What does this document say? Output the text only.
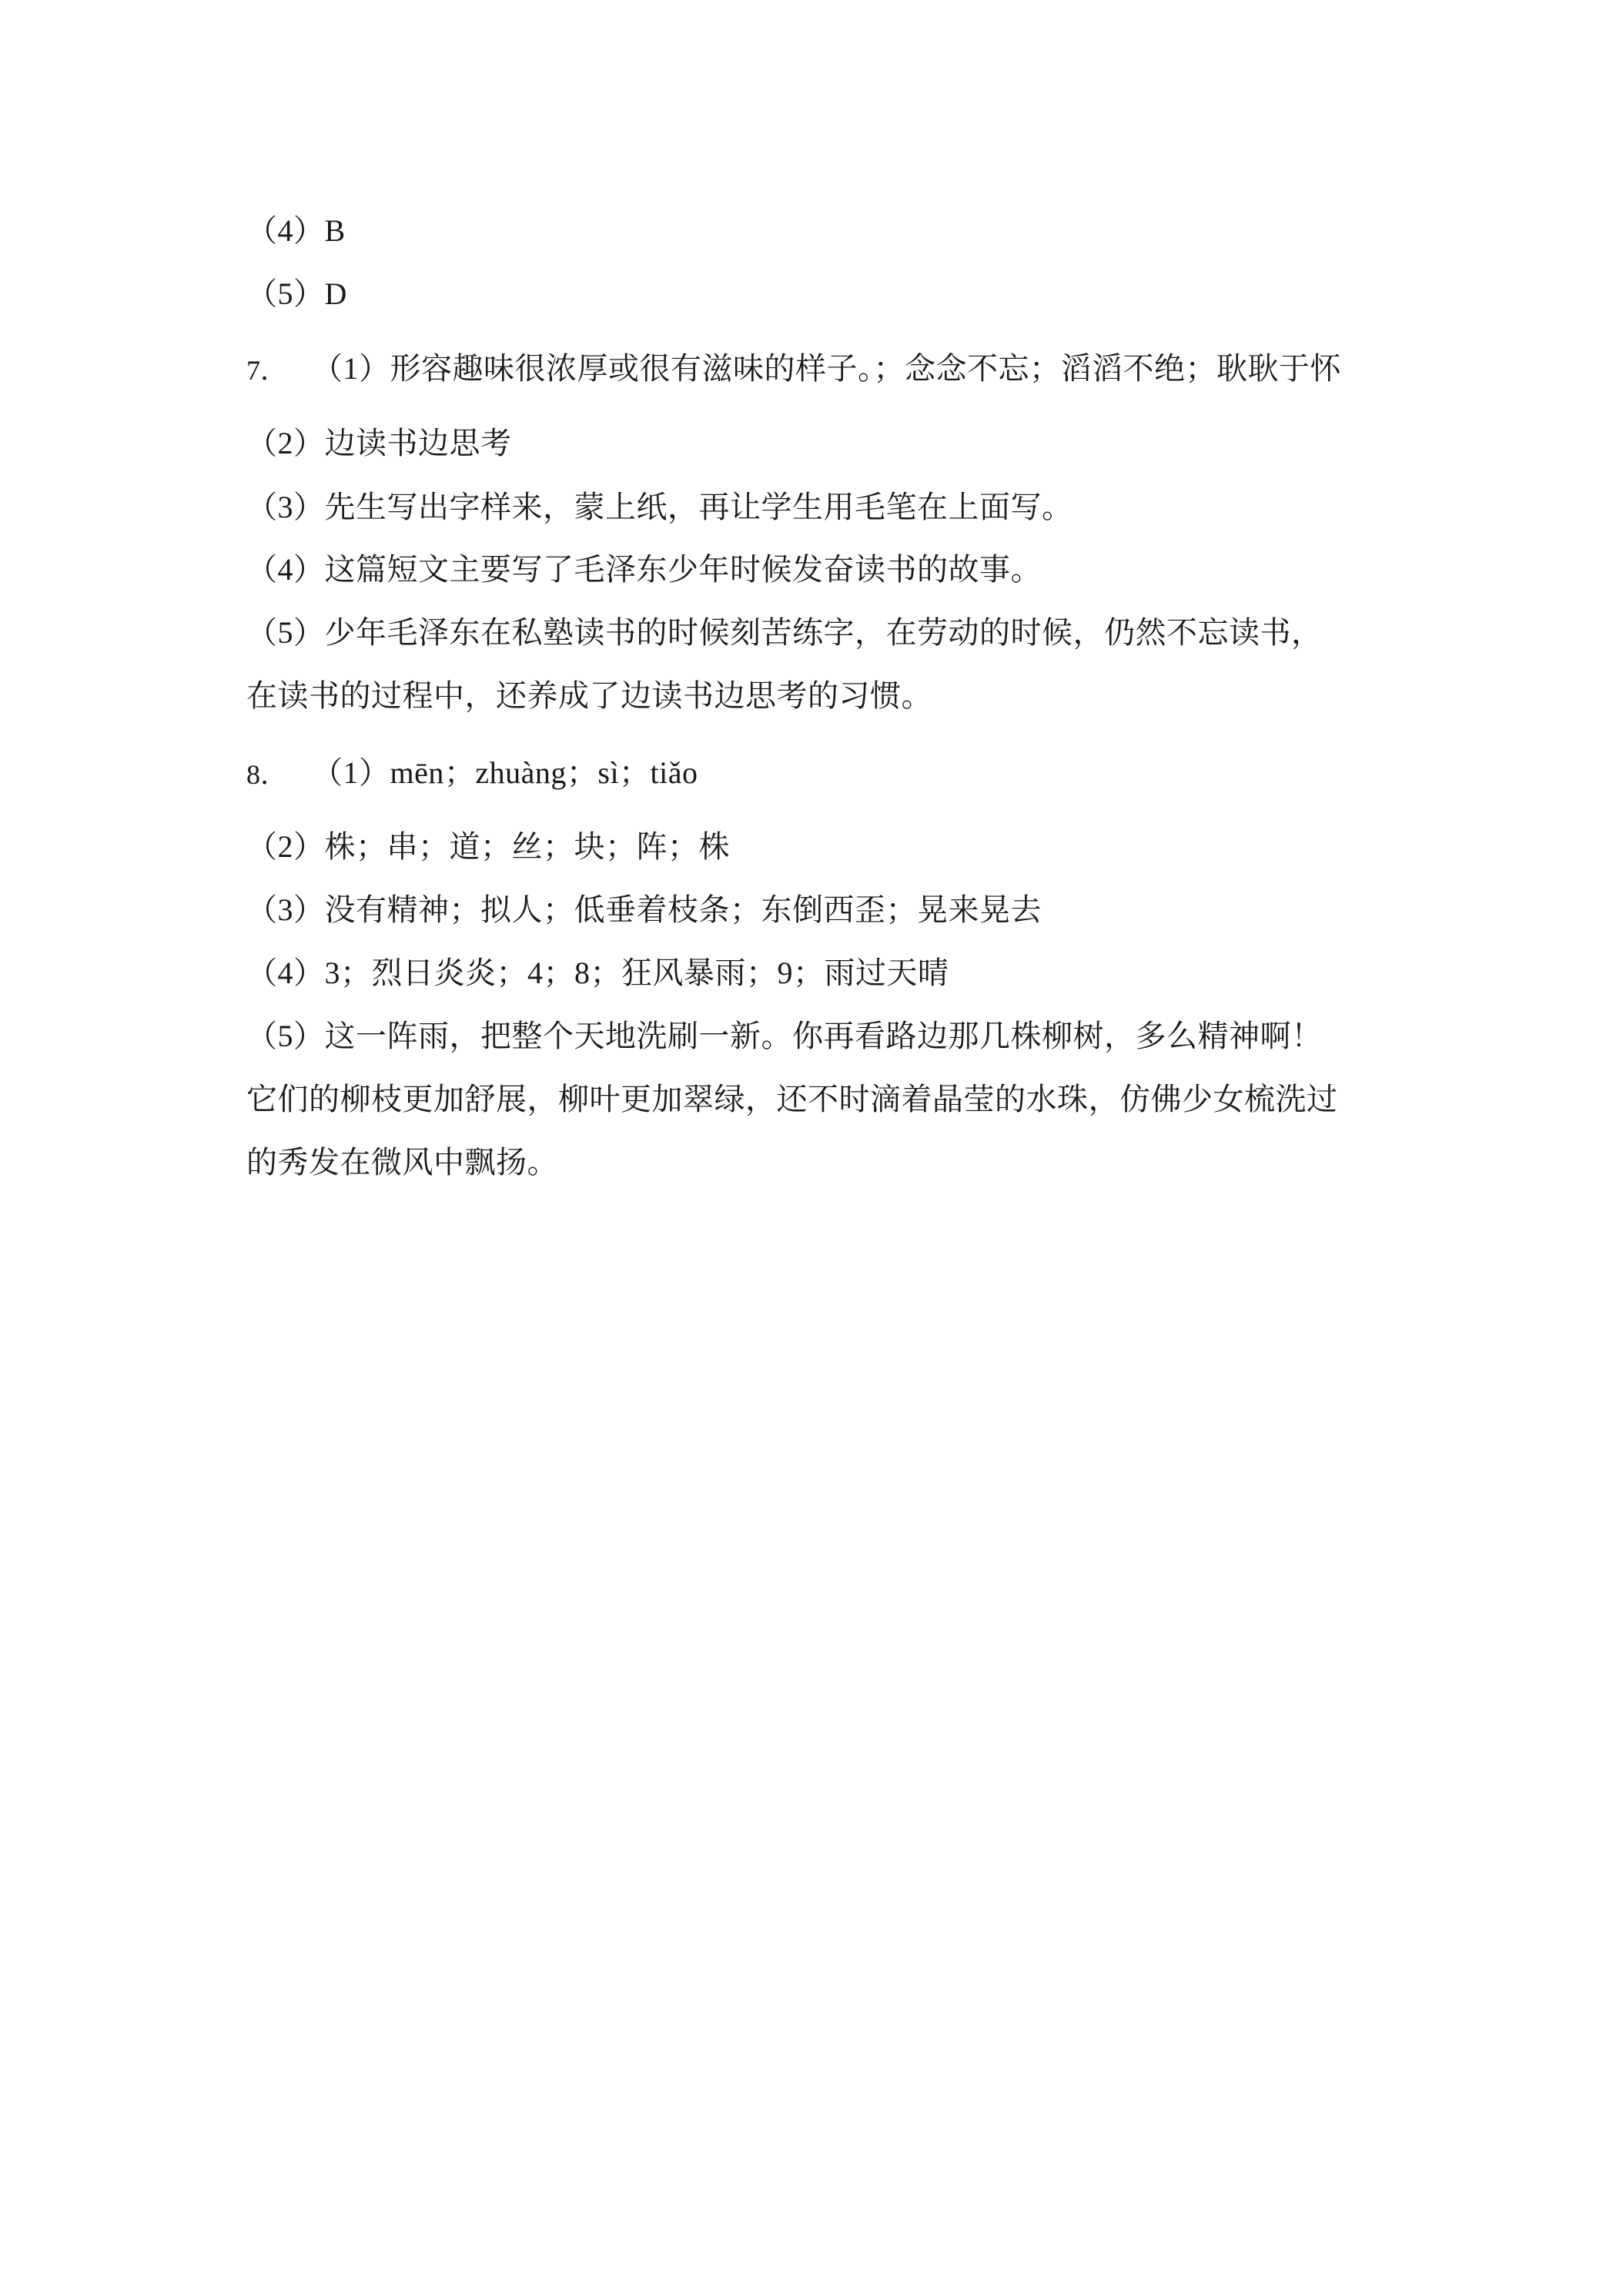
（4）B
（5）D
7． （1）形容趣味很浓厚或很有滋味的样子。；念念不忘；滔滔不绝；耿耿于怀
（2）边读书边思考
（3）先生写出字样来，蒙上纸，再让学生用毛笔在上面写。
（4）这篇短文主要写了毛泽东少年时候发奋读书的故事。
（5）少年毛泽东在私塾读书的时候刻苦练字，在劳动的时候，仍然不忘读书，
在读书的过程中，还养成了边读书边思考的习惯。
8． （1）mēn；zhuàng；sì；tiǎo
（2）株；串；道；丝；块；阵；株
（3）没有精神；拟人；低垂着枝条；东倒西歪；晃来晃去
（4）3；烈日炎炎；4；8；狂风暴雨；9；雨过天晴
（5）这一阵雨，把整个天地洗刷一新。你再看路边那几株柳树，多么精神啊！
它们的柳枝更加舒展，柳叶更加翠绿，还不时滴着晶莹的水珠，仿佛少女梳洗过
的秀发在微风中飘扬。
